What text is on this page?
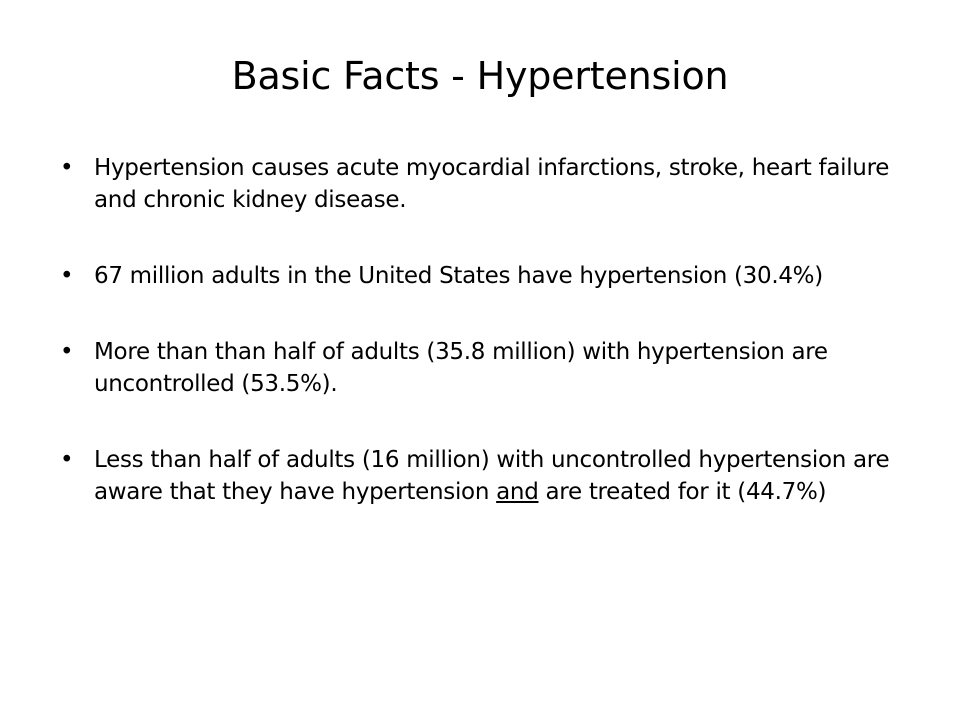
Basic Facts - Hypertension
• Hypertension causes acute myocardial infarctions, stroke, heart failure and chronic kidney disease.
• 67 million adults in the United States have hypertension (30.4%)
• More than than half of adults (35.8 million) with hypertension are uncontrolled (53.5%).
• Less than half of adults (16 million) with uncontrolled hypertension are aware that they have hypertension and are treated for it (44.7%)
